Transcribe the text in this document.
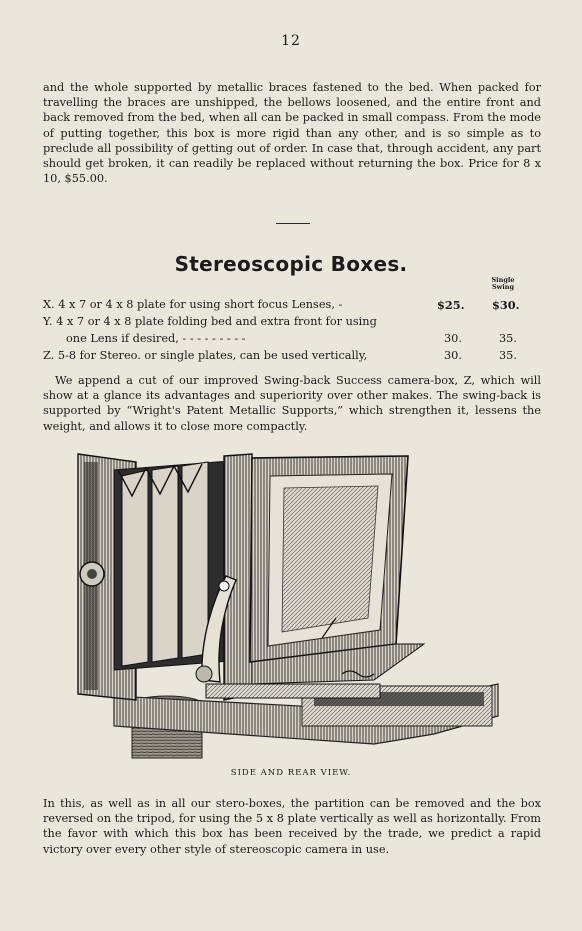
12
and the whole supported by metallic braces fastened to the bed. When packed for travelling the braces are unshipped, the bellows loosened, and the entire front and back removed from the bed, when all can be packed in small compass. From the mode of putting together, this box is more rigid than any other, and is so simple as to preclude all possibility of getting out of order. In case that, through accident, any part should get broken, it can readily be replaced without returning the box. Price for 8 x 10, $55.00.
Stereoscopic Boxes.
Single
Swing
X. 4 x 7 or 4 x 8 plate for using short focus Lenses, -	$25. $30.
Y. 4 x 7 or 4 x 8 plate folding bed and extra front for using
one Lens if desired, - - - - - - - - -	30.	35.
Z. 5-8 for Stereo. or single plates, can be used vertically,	30.	35.
We append a cut of our improved Swing-back Success camera-box, Z, which will show at a glance its advantages and superiority over other makes. The swing-back is supported by “Wright's Patent Metallic Supports,” which strengthen it, lessens the weight, and allows it to close more compactly.
SIDE AND REAR VIEW.
In this, as well as in all our stero-boxes, the partition can be removed and the box reversed on the tripod, for using the 5 x 8 plate vertically as well as horizontally. From the favor with which this box has been received by the trade, we predict a rapid victory over every other style of stereoscopic camera in use.
